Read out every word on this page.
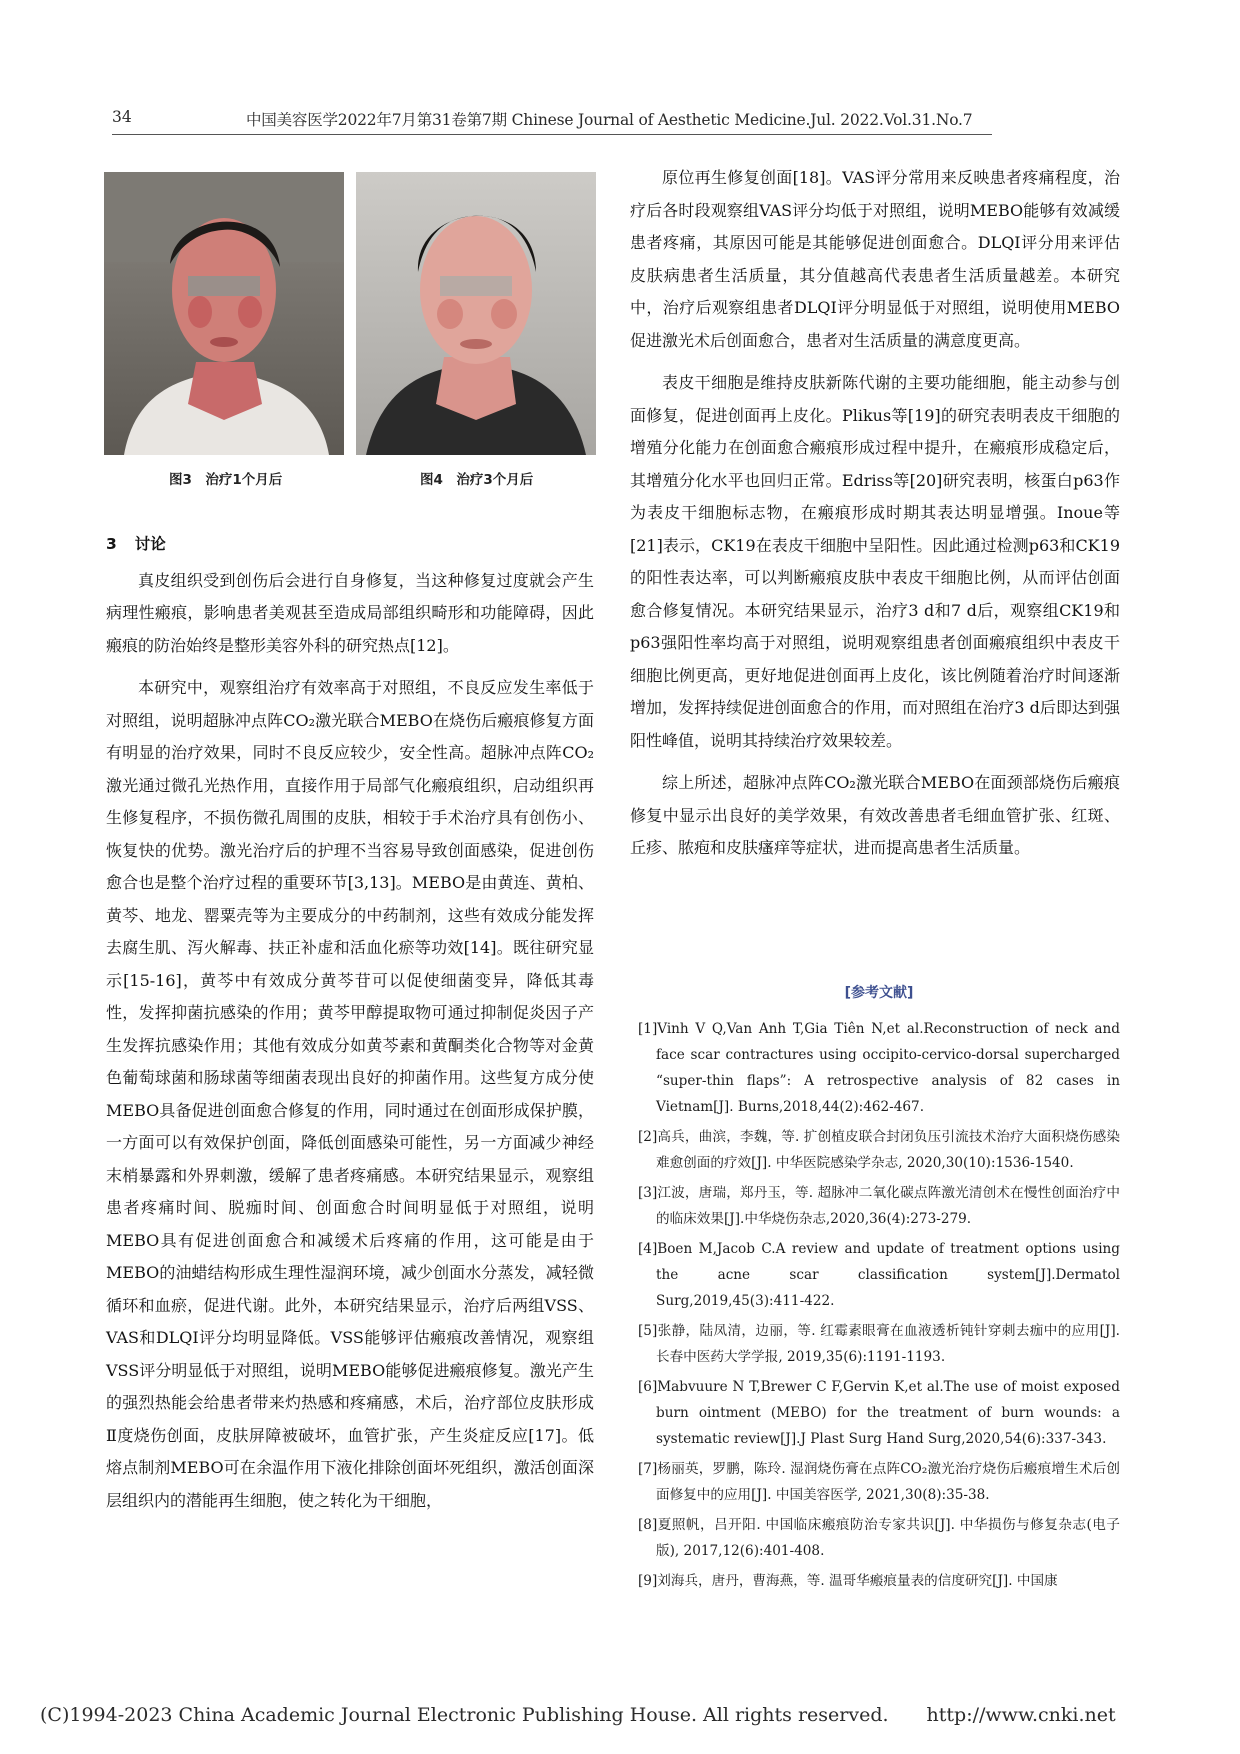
34	中国美容医学2022年7月第31卷第7期 Chinese Journal of Aesthetic Medicine.Jul. 2022.Vol.31.No.7
图3　治疗1个月后	图4　治疗3个月后

3 讨论

真皮组织受到创伤后会进行自身修复，当这种修复过度就会产生病理性瘢痕，影响患者美观甚至造成局部组织畸形和功能障碍，因此瘢痕的防治始终是整形美容外科的研究热点[12]。

本研究中，观察组治疗有效率高于对照组，不良反应发生率低于对照组，说明超脉冲点阵CO₂激光联合MEBO在烧伤后瘢痕修复方面有明显的治疗效果，同时不良反应较少，安全性高。超脉冲点阵CO₂激光通过微孔光热作用，直接作用于局部气化瘢痕组织，启动组织再生修复程序，不损伤微孔周围的皮肤，相较于手术治疗具有创伤小、恢复快的优势。激光治疗后的护理不当容易导致创面感染，促进创伤愈合也是整个治疗过程的重要环节[3,13]。MEBO是由黄连、黄柏、黄芩、地龙、罂粟壳等为主要成分的中药制剂，这些有效成分能发挥去腐生肌、泻火解毒、扶正补虚和活血化瘀等功效[14]。既往研究显示[15-16]，黄芩中有效成分黄芩苷可以促使细菌变异，降低其毒性，发挥抑菌抗感染的作用；黄芩甲醇提取物可通过抑制促炎因子产生发挥抗感染作用；其他有效成分如黄芩素和黄酮类化合物等对金黄色葡萄球菌和肠球菌等细菌表现出良好的抑菌作用。这些复方成分使MEBO具备促进创面愈合修复的作用，同时通过在创面形成保护膜，一方面可以有效保护创面，降低创面感染可能性，另一方面减少神经末梢暴露和外界刺激，缓解了患者疼痛感。本研究结果显示，观察组患者疼痛时间、脱痂时间、创面愈合时间明显低于对照组，说明MEBO具有促进创面愈合和减缓术后疼痛的作用，这可能是由于MEBO的油蜡结构形成生理性湿润环境，减少创面水分蒸发，减轻微循环和血瘀，促进代谢。此外，本研究结果显示，治疗后两组VSS、VAS和DLQI评分均明显降低。VSS能够评估瘢痕改善情况，观察组VSS评分明显低于对照组，说明MEBO能够促进瘢痕修复。激光产生的强烈热能会给患者带来灼热感和疼痛感，术后，治疗部位皮肤形成Ⅱ度烧伤创面，皮肤屏障被破坏，血管扩张，产生炎症反应[17]。低熔点制剂MEBO可在余温作用下液化排除创面坏死组织，激活创面深层组织内的潜能再生细胞，使之转化为干细胞，

原位再生修复创面[18]。VAS评分常用来反映患者疼痛程度，治疗后各时段观察组VAS评分均低于对照组，说明MEBO能够有效减缓患者疼痛，其原因可能是其能够促进创面愈合。DLQI评分用来评估皮肤病患者生活质量，其分值越高代表患者生活质量越差。本研究中，治疗后观察组患者DLQI评分明显低于对照组，说明使用MEBO促进激光术后创面愈合，患者对生活质量的满意度更高。

表皮干细胞是维持皮肤新陈代谢的主要功能细胞，能主动参与创面修复，促进创面再上皮化。Plikus等[19]的研究表明表皮干细胞的增殖分化能力在创面愈合瘢痕形成过程中提升，在瘢痕形成稳定后，其增殖分化水平也回归正常。Edriss等[20]研究表明，核蛋白p63作为表皮干细胞标志物，在瘢痕形成时期其表达明显增强。Inoue等[21]表示，CK19在表皮干细胞中呈阳性。因此通过检测p63和CK19的阳性表达率，可以判断瘢痕皮肤中表皮干细胞比例，从而评估创面愈合修复情况。本研究结果显示，治疗3 d和7 d后，观察组CK19和p63强阳性率均高于对照组，说明观察组患者创面瘢痕组织中表皮干细胞比例更高，更好地促进创面再上皮化，该比例随着治疗时间逐渐增加，发挥持续促进创面愈合的作用，而对照组在治疗3 d后即达到强阳性峰值，说明其持续治疗效果较差。

综上所述，超脉冲点阵CO₂激光联合MEBO在面颈部烧伤后瘢痕修复中显示出良好的美学效果，有效改善患者毛细血管扩张、红斑、丘疹、脓疱和皮肤瘙痒等症状，进而提高患者生活质量。

[参考文献]
[1]Vinh V Q,Van Anh T,Gia Tiên N,et al.Reconstruction of neck and face scar contractures using occipito-cervico-dorsal supercharged “super-thin flaps”: A retrospective analysis of 82 cases in Vietnam[J]. Burns,2018,44(2):462-467.
[2]高兵，曲滨，李魏，等. 扩创植皮联合封闭负压引流技术治疗大面积烧伤感染难愈创面的疗效[J]. 中华医院感染学杂志, 2020,30(10):1536-1540.
[3]江波，唐瑞，郑丹玉，等. 超脉冲二氧化碳点阵激光清创术在慢性创面治疗中的临床效果[J].中华烧伤杂志,2020,36(4):273-279.
[4]Boen M,Jacob C.A review and update of treatment options using the acne scar classification system[J].Dermatol Surg,2019,45(3):411-422.
[5]张静，陆凤清，边丽，等. 红霉素眼膏在血液透析钝针穿刺去痂中的应用[J]. 长春中医药大学学报, 2019,35(6):1191-1193.
[6]Mabvuure N T,Brewer C F,Gervin K,et al.The use of moist exposed burn ointment (MEBO) for the treatment of burn wounds: a systematic review[J].J Plast Surg Hand Surg,2020,54(6):337-343.
[7]杨丽英，罗鹏，陈玲. 湿润烧伤膏在点阵CO₂激光治疗烧伤后瘢痕增生术后创面修复中的应用[J]. 中国美容医学, 2021,30(8):35-38.
[8]夏照帆，吕开阳. 中国临床瘢痕防治专家共识[J]. 中华损伤与修复杂志(电子版), 2017,12(6):401-408.
[9]刘海兵，唐丹，曹海燕，等. 温哥华瘢痕量表的信度研究[J]. 中国康
(C)1994-2023 China Academic Journal Electronic Publishing House. All rights reserved. http://www.cnki.net
